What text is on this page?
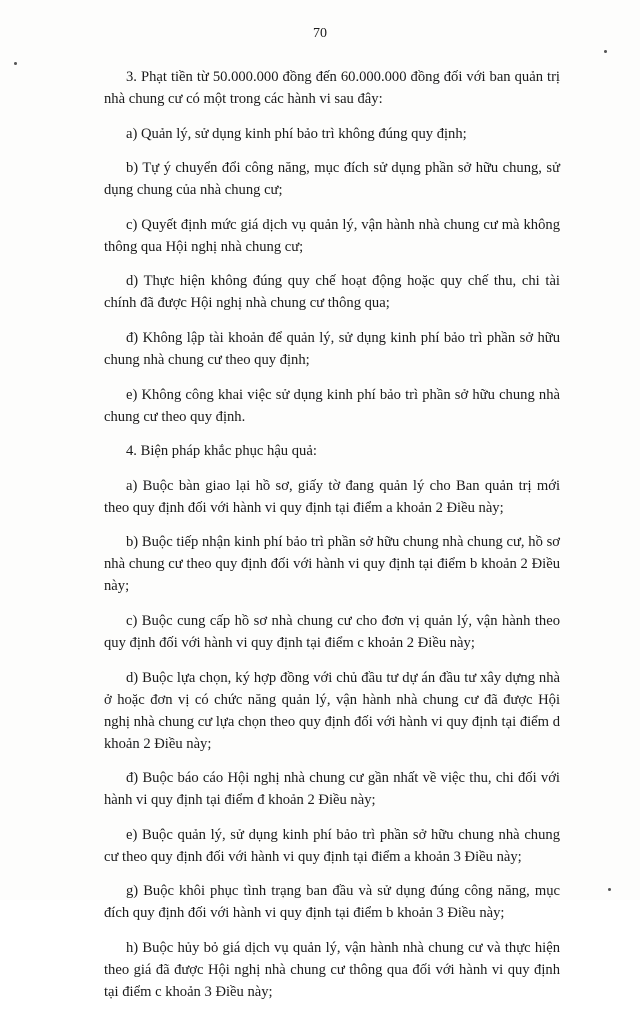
70

3. Phạt tiền từ 50.000.000 đồng đến 60.000.000 đồng đối với ban quản trị nhà chung cư có một trong các hành vi sau đây:

a) Quản lý, sử dụng kinh phí bảo trì không đúng quy định;

b) Tự ý chuyển đổi công năng, mục đích sử dụng phần sở hữu chung, sử dụng chung của nhà chung cư;

c) Quyết định mức giá dịch vụ quản lý, vận hành nhà chung cư mà không thông qua Hội nghị nhà chung cư;

d) Thực hiện không đúng quy chế hoạt động hoặc quy chế thu, chi tài chính đã được Hội nghị nhà chung cư thông qua;

đ) Không lập tài khoản để quản lý, sử dụng kinh phí bảo trì phần sở hữu chung nhà chung cư theo quy định;

e) Không công khai việc sử dụng kinh phí bảo trì phần sở hữu chung nhà chung cư theo quy định.

4. Biện pháp khắc phục hậu quả:

a) Buộc bàn giao lại hồ sơ, giấy tờ đang quản lý cho Ban quản trị mới theo quy định đối với hành vi quy định tại điểm a khoản 2 Điều này;

b) Buộc tiếp nhận kinh phí bảo trì phần sở hữu chung nhà chung cư, hồ sơ nhà chung cư theo quy định đối với hành vi quy định tại điểm b khoản 2 Điều này;

c) Buộc cung cấp hồ sơ nhà chung cư cho đơn vị quản lý, vận hành theo quy định đối với hành vi quy định tại điểm c khoản 2 Điều này;

d) Buộc lựa chọn, ký hợp đồng với chủ đầu tư dự án đầu tư xây dựng nhà ở hoặc đơn vị có chức năng quản lý, vận hành nhà chung cư đã được Hội nghị nhà chung cư lựa chọn theo quy định đối với hành vi quy định tại điểm d khoản 2 Điều này;

đ) Buộc báo cáo Hội nghị nhà chung cư gần nhất về việc thu, chi đối với hành vi quy định tại điểm đ khoản 2 Điều này;

e) Buộc quản lý, sử dụng kinh phí bảo trì phần sở hữu chung nhà chung cư theo quy định đối với hành vi quy định tại điểm a khoản 3 Điều này;

g) Buộc khôi phục tình trạng ban đầu và sử dụng đúng công năng, mục đích quy định đối với hành vi quy định tại điểm b khoản 3 Điều này;

h) Buộc hủy bỏ giá dịch vụ quản lý, vận hành nhà chung cư và thực hiện theo giá đã được Hội nghị nhà chung cư thông qua đối với hành vi quy định tại điểm c khoản 3 Điều này;
